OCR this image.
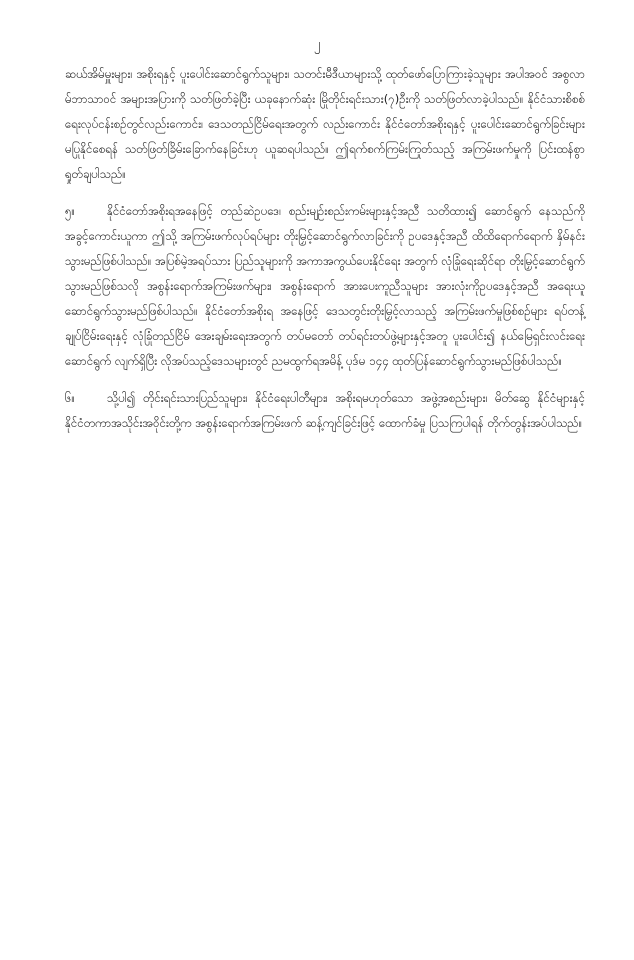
၂

ဆယ်အိမ်မှူးများ၊ အစိုးရနှင့် ပူးပေါင်းဆောင်ရွက်သူများ၊ သတင်းမီဒီယာများသို့ ထုတ်ဖော်ပြောကြားခဲ့သူများ အပါအဝင် အစွလာမ်ဘာသာဝင် အများအပြားကို သတ်ဖြတ်ခဲ့ပြီး ယခုနောက်ဆုံး မြိုတိုင်းရင်းသား(၇)ဦးကို သတ်ဖြတ်လာခဲ့ပါသည်။ နိုင်ငံသားစိစစ်ရေးလုပ်ငန်းစဉ်တွင်လည်းကောင်း၊ ဒေသတည်ငြိမ်ရေးအတွက် လည်းကောင်း နိုင်ငံတော်အစိုးရနှင့် ပူးပေါင်းဆောင်ရွက်ခြင်းများ မပြုနိုင်စေရန် သတ်ဖြတ်ခြိမ်းခြောက်နေခြင်းဟု ယူဆရပါသည်။ ဤရက်စက်ကြမ်းကြုတ်သည့် အကြမ်းဖက်မှုကို ပြင်းထန်စွာရှုတ်ချပါသည်။

၅။	နိုင်ငံတော်အစိုးရအနေဖြင့် တည်ဆဲဥပဒေ၊ စည်းမျဉ်းစည်းကမ်းများနှင့်အညီ သတိထား၍ ဆောင်ရွက် နေသည်ကို အခွင့်ကောင်းယူကာ ဤသို့ အကြမ်းဖက်လုပ်ရပ်များ တိုးမြှင့်ဆောင်ရွက်လာခြင်းကို ဥပဒေနှင့်အညီ ထိထိရောက်ရောက် နှိမ်နင်းသွားမည်ဖြစ်ပါသည်။ အပြစ်မဲ့အရပ်သား ပြည်သူများကို အကာအကွယ်ပေးနိုင်ရေး အတွက် လုံခြုံရေးဆိုင်ရာ တိုးမြှင့်ဆောင်ရွက်သွားမည်ဖြစ်သလို အစွန်းရောက်အကြမ်းဖက်များ၊ အစွန်းရောက် အားပေးကူညီသူများ အားလုံးကိုဥပဒေနှင့်အညီ အရေးယူဆောင်ရွက်သွားမည်ဖြစ်ပါသည်။ နိုင်ငံတော်အစိုးရ အနေဖြင့် ဒေသတွင်းတိုးမြှင့်လာသည့် အကြမ်းဖက်မှုဖြစ်စဉ်များ ရပ်တန့်ချုပ်ငြိမ်းရေးနှင့် လုံခြုံတည်ငြိမ် အေးချမ်းရေးအတွက် တပ်မတော် တပ်ရင်းတပ်ဖွဲ့များနှင့်အတူ ပူးပေါင်း၍ နယ်မြေရှင်းလင်းရေး ဆောင်ရွက် လျက်ရှိပြီး လိုအပ်သည့်ဒေသများတွင် ညမထွက်ရအမိန့် ပုဒ်မ ၁၄၄ ထုတ်ပြန်ဆောင်ရွက်သွားမည်ဖြစ်ပါသည်။

၆။	သို့ပါ၍ တိုင်းရင်းသားပြည်သူများ၊ နိုင်ငံရေးပါတီများ၊ အစိုးရမဟုတ်သော အဖွဲ့အစည်းများ၊ မိတ်ဆွေ နိုင်ငံများနှင့် နိုင်ငံတကာအသိုင်းအဝိုင်းတို့က အစွန်းရောက်အကြမ်းဖက် ဆန့်ကျင်ခြင်းဖြင့် ထောက်ခံမှု ပြသကြပါရန် တိုက်တွန်းအပ်ပါသည်။
